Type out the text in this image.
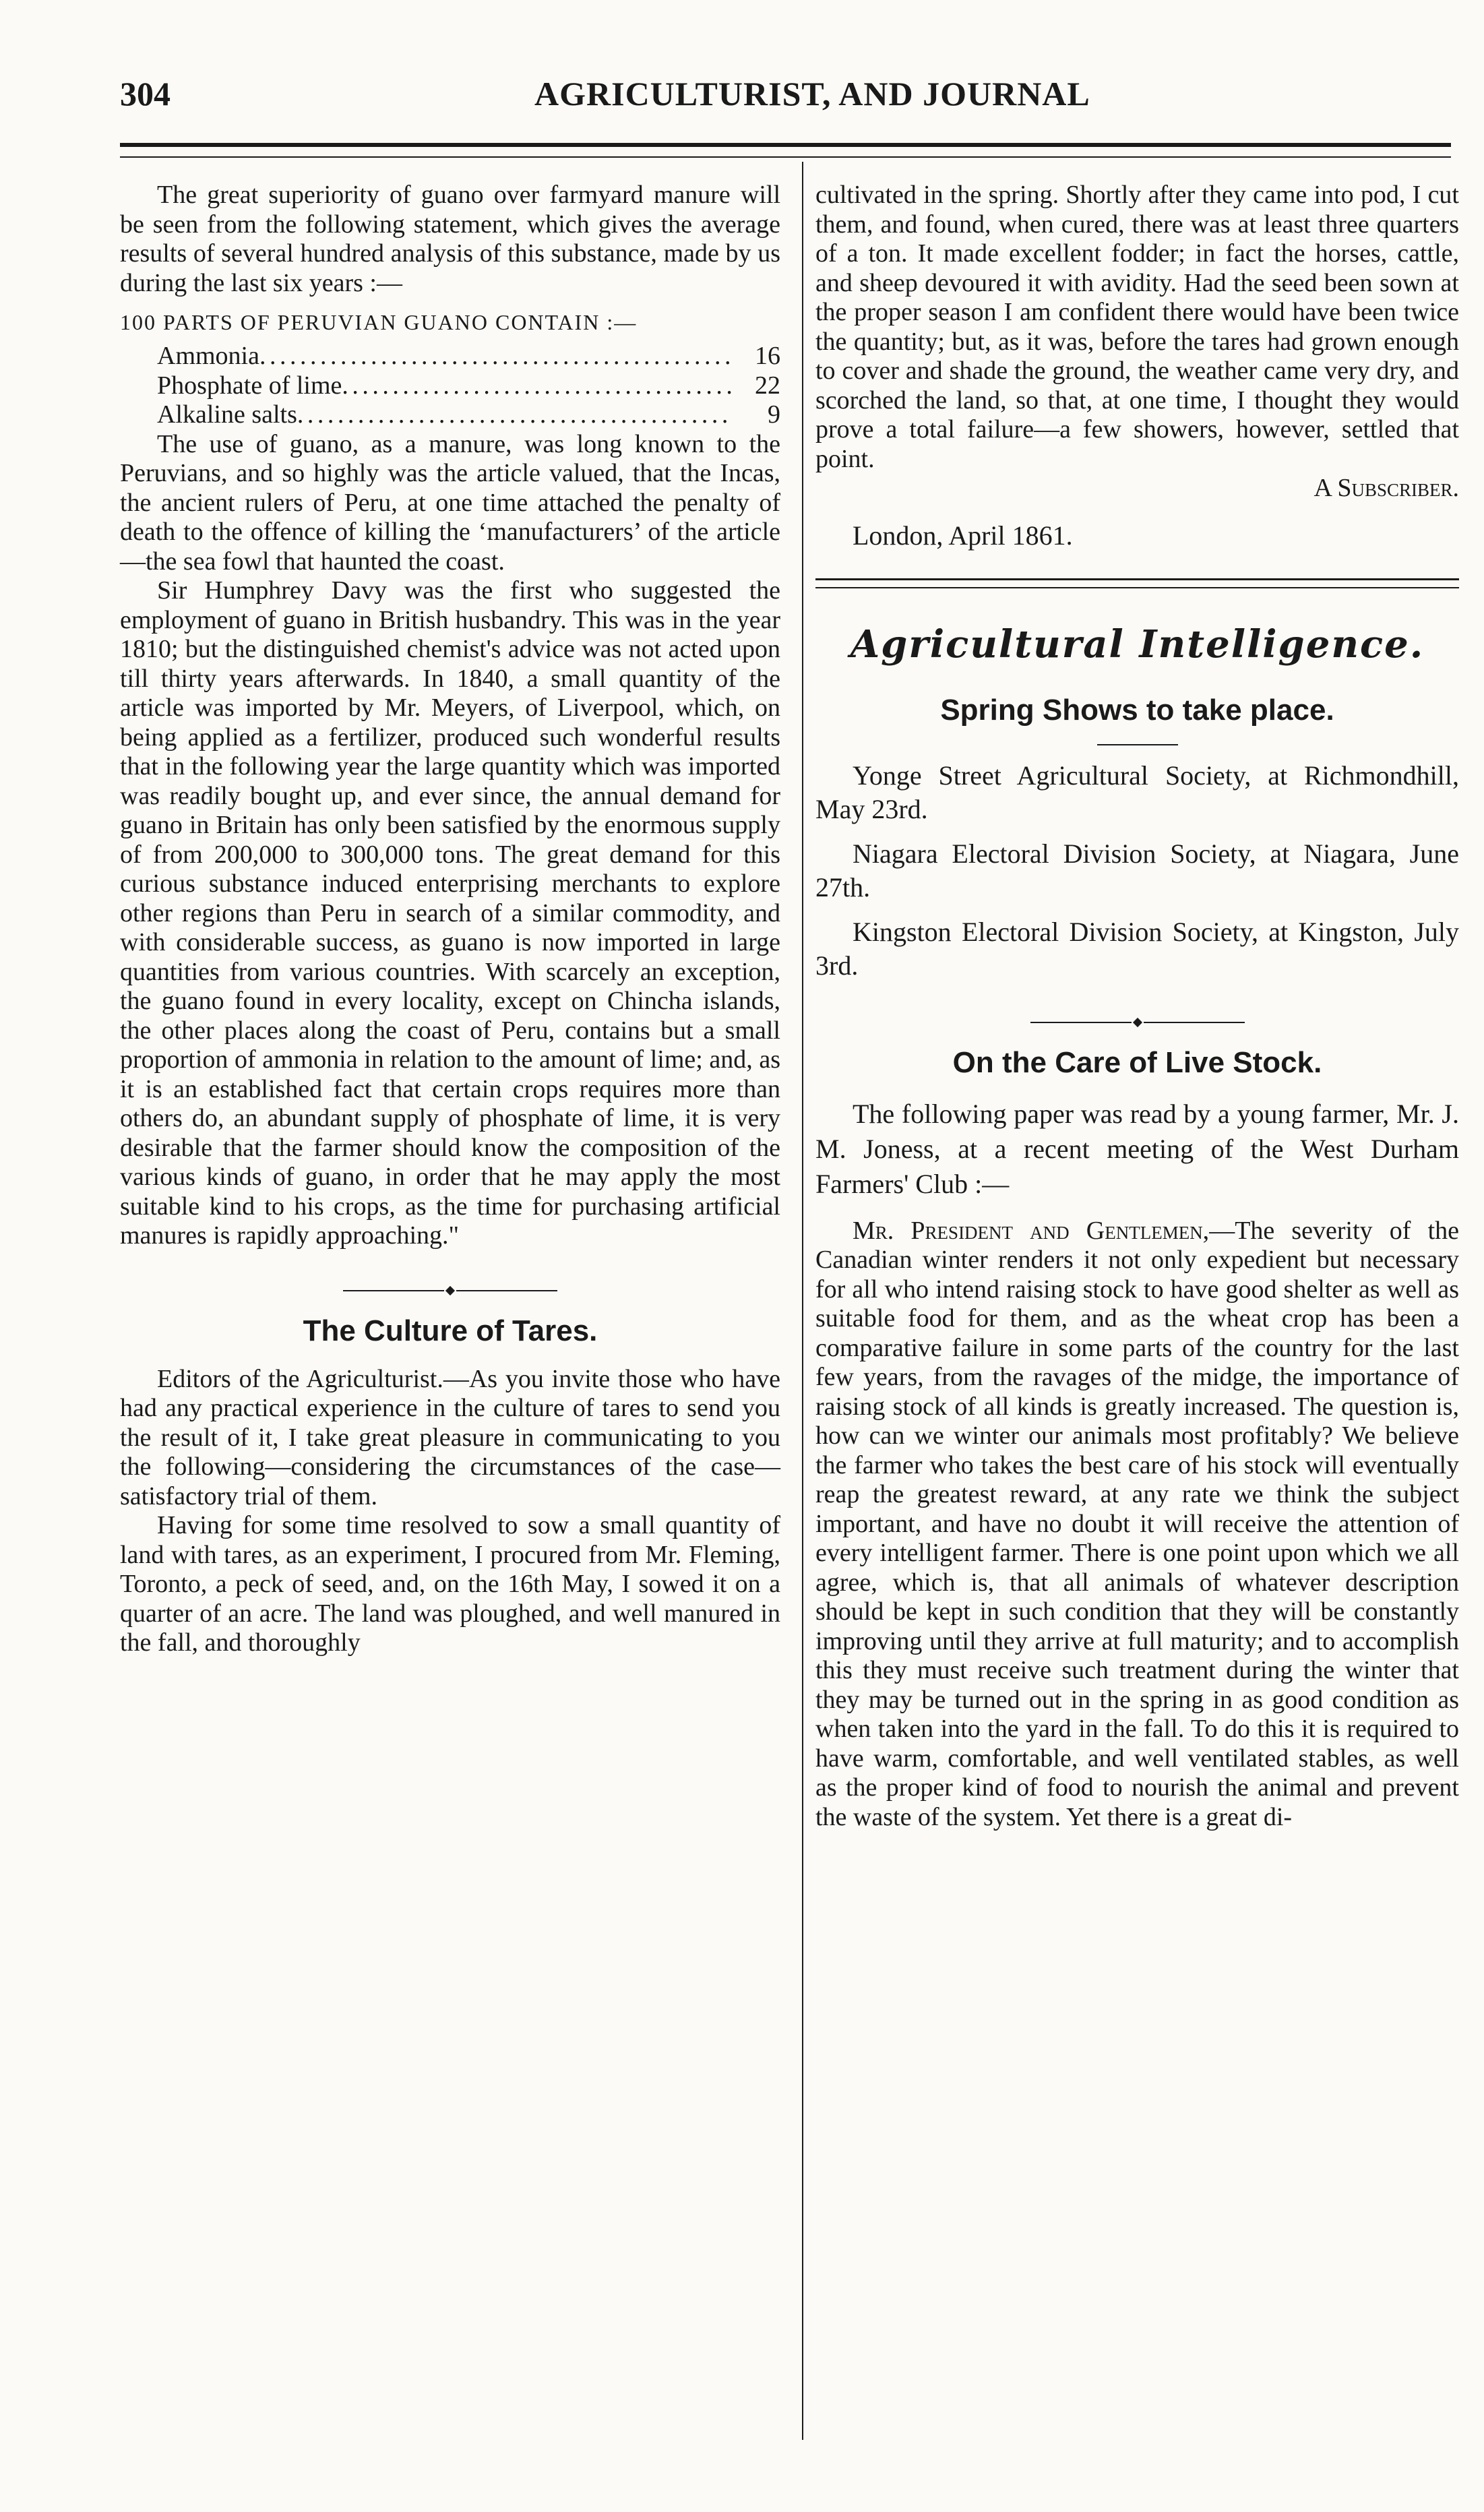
304	AGRICULTURIST, AND JOURNAL

The great superiority of guano over farmyard manure will be seen from the following statement, which gives the average results of several hundred analysis of this substance, made by us during the last six years :—

100 PARTS OF PERUVIAN GUANO CONTAIN :—
Ammonia . . .	16
Phosphate of lime . . .	22
Alkaline salts . . .	9

The use of guano, as a manure, was long known to the Peruvians, and so highly was the article valued, that the Incas, the ancient rulers of Peru, at one time attached the penalty of death to the offence of killing the ‘manufacturers’ of the article—the sea fowl that haunted the coast.

Sir Humphrey Davy was the first who suggested the employment of guano in British husbandry. This was in the year 1810; but the distinguished chemist's advice was not acted upon till thirty years afterwards. In 1840, a small quantity of the article was imported by Mr. Meyers, of Liverpool, which, on being applied as a fertilizer, produced such wonderful results that in the following year the large quantity which was imported was readily bought up, and ever since, the annual demand for guano in Britain has only been satisfied by the enormous supply of from 200,000 to 300,000 tons. The great demand for this curious substance induced enterprising merchants to explore other regions than Peru in search of a similar commodity, and with considerable success, as guano is now imported in large quantities from various countries. With scarcely an exception, the guano found in every locality, except on Chincha islands, the other places along the coast of Peru, contains but a small proportion of ammonia in relation to the amount of lime; and, as it is an established fact that certain crops requires more than others do, an abundant supply of phosphate of lime, it is very desirable that the farmer should know the composition of the various kinds of guano, in order that he may apply the most suitable kind to his crops, as the time for purchasing artificial manures is rapidly approaching."

The Culture of Tares.

Editors of the Agriculturist.—As you invite those who have had any practical experience in the culture of tares to send you the result of it, I take great pleasure in communicating to you the following—considering the circumstances of the case—satisfactory trial of them.

Having for some time resolved to sow a small quantity of land with tares, as an experiment, I procured from Mr. Fleming, Toronto, a peck of seed, and, on the 16th May, I sowed it on a quarter of an acre. The land was ploughed, and well manured in the fall, and thoroughly

cultivated in the spring. Shortly after they came into pod, I cut them, and found, when cured, there was at least three quarters of a ton. It made excellent fodder; in fact the horses, cattle, and sheep devoured it with avidity. Had the seed been sown at the proper season I am confident there would have been twice the quantity; but, as it was, before the tares had grown enough to cover and shade the ground, the weather came very dry, and scorched the land, so that, at one time, I thought they would prove a total failure—a few showers, however, settled that point.

A Subscriber.
London, April 1861.
Agricultural Intelligence.
Spring Shows to take place.

Yonge Street Agricultural Society, at Richmondhill, May 23rd.

Niagara Electoral Division Society, at Niagara, June 27th.

Kingston Electoral Division Society, at Kingston, July 3rd.

On the Care of Live Stock.

The following paper was read by a young farmer, Mr. J. M. Joness, at a recent meeting of the West Durham Farmers' Club :—

Mr. President and Gentlemen,—The severity of the Canadian winter renders it not only expedient but necessary for all who intend raising stock to have good shelter as well as suitable food for them, and as the wheat crop has been a comparative failure in some parts of the country for the last few years, from the ravages of the midge, the importance of raising stock of all kinds is greatly increased. The question is, how can we winter our animals most profitably? We believe the farmer who takes the best care of his stock will eventually reap the greatest reward, at any rate we think the subject important, and have no doubt it will receive the attention of every intelligent farmer. There is one point upon which we all agree, which is, that all animals of whatever description should be kept in such condition that they will be constantly improving until they arrive at full maturity; and to accomplish this they must receive such treatment during the winter that they may be turned out in the spring in as good condition as when taken into the yard in the fall. To do this it is required to have warm, comfortable, and well ventilated stables, as well as the proper kind of food to nourish the animal and prevent the waste of the system. Yet there is a great di-
